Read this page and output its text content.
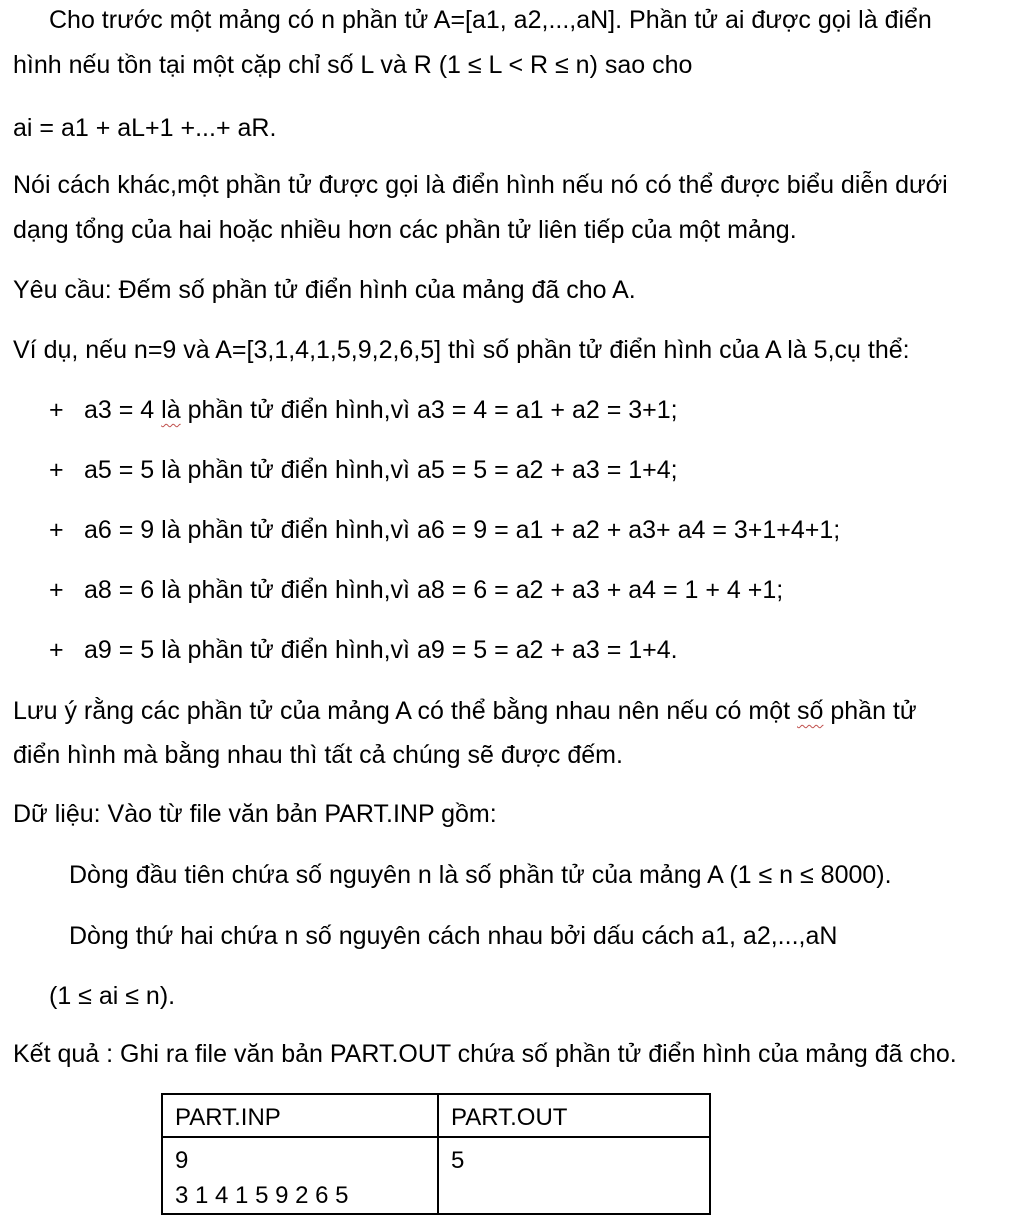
Cho trước một mảng có n phần tử A=[a1, a2,...,aN]. Phần tử ai được gọi là điển
hình nếu tồn tại một cặp chỉ số L và R (1 ≤ L < R ≤ n) sao cho
ai = a1 + aL+1 +...+ aR.
Nói cách khác,một phần tử được gọi là điển hình nếu nó có thể được biểu diễn dưới
dạng tổng của hai hoặc nhiều hơn các phần tử liên tiếp của một mảng.
Yêu cầu: Đếm số phần tử điển hình của mảng đã cho A.
Ví dụ, nếu n=9 và A=[3,1,4,1,5,9,2,6,5] thì số phần tử điển hình của A là 5,cụ thể:
+ a3 = 4 là phần tử điển hình,vì a3 = 4 = a1 + a2 = 3+1;
+ a5 = 5 là phần tử điển hình,vì a5 = 5 = a2 + a3 = 1+4;
+ a6 = 9 là phần tử điển hình,vì a6 = 9 = a1 + a2 + a3+ a4 = 3+1+4+1;
+ a8 = 6 là phần tử điển hình,vì a8 = 6 = a2 + a3 + a4 = 1 + 4 +1;
+ a9 = 5 là phần tử điển hình,vì a9 = 5 = a2 + a3 = 1+4.
Lưu ý rằng các phần tử của mảng A có thể bằng nhau nên nếu có một số phần tử
điển hình mà bằng nhau thì tất cả chúng sẽ được đếm.
Dữ liệu: Vào từ file văn bản PART.INP gồm:
Dòng đầu tiên chứa số nguyên n là số phần tử của mảng A (1 ≤ n ≤ 8000).
Dòng thứ hai chứa n số nguyên cách nhau bởi dấu cách a1, a2,...,aN
(1 ≤ ai ≤ n).
Kết quả : Ghi ra file văn bản PART.OUT chứa số phần tử điển hình của mảng đã cho.
PART.INP	PART.OUT

9
3 1 4 1 5 9 2 6 5	5
